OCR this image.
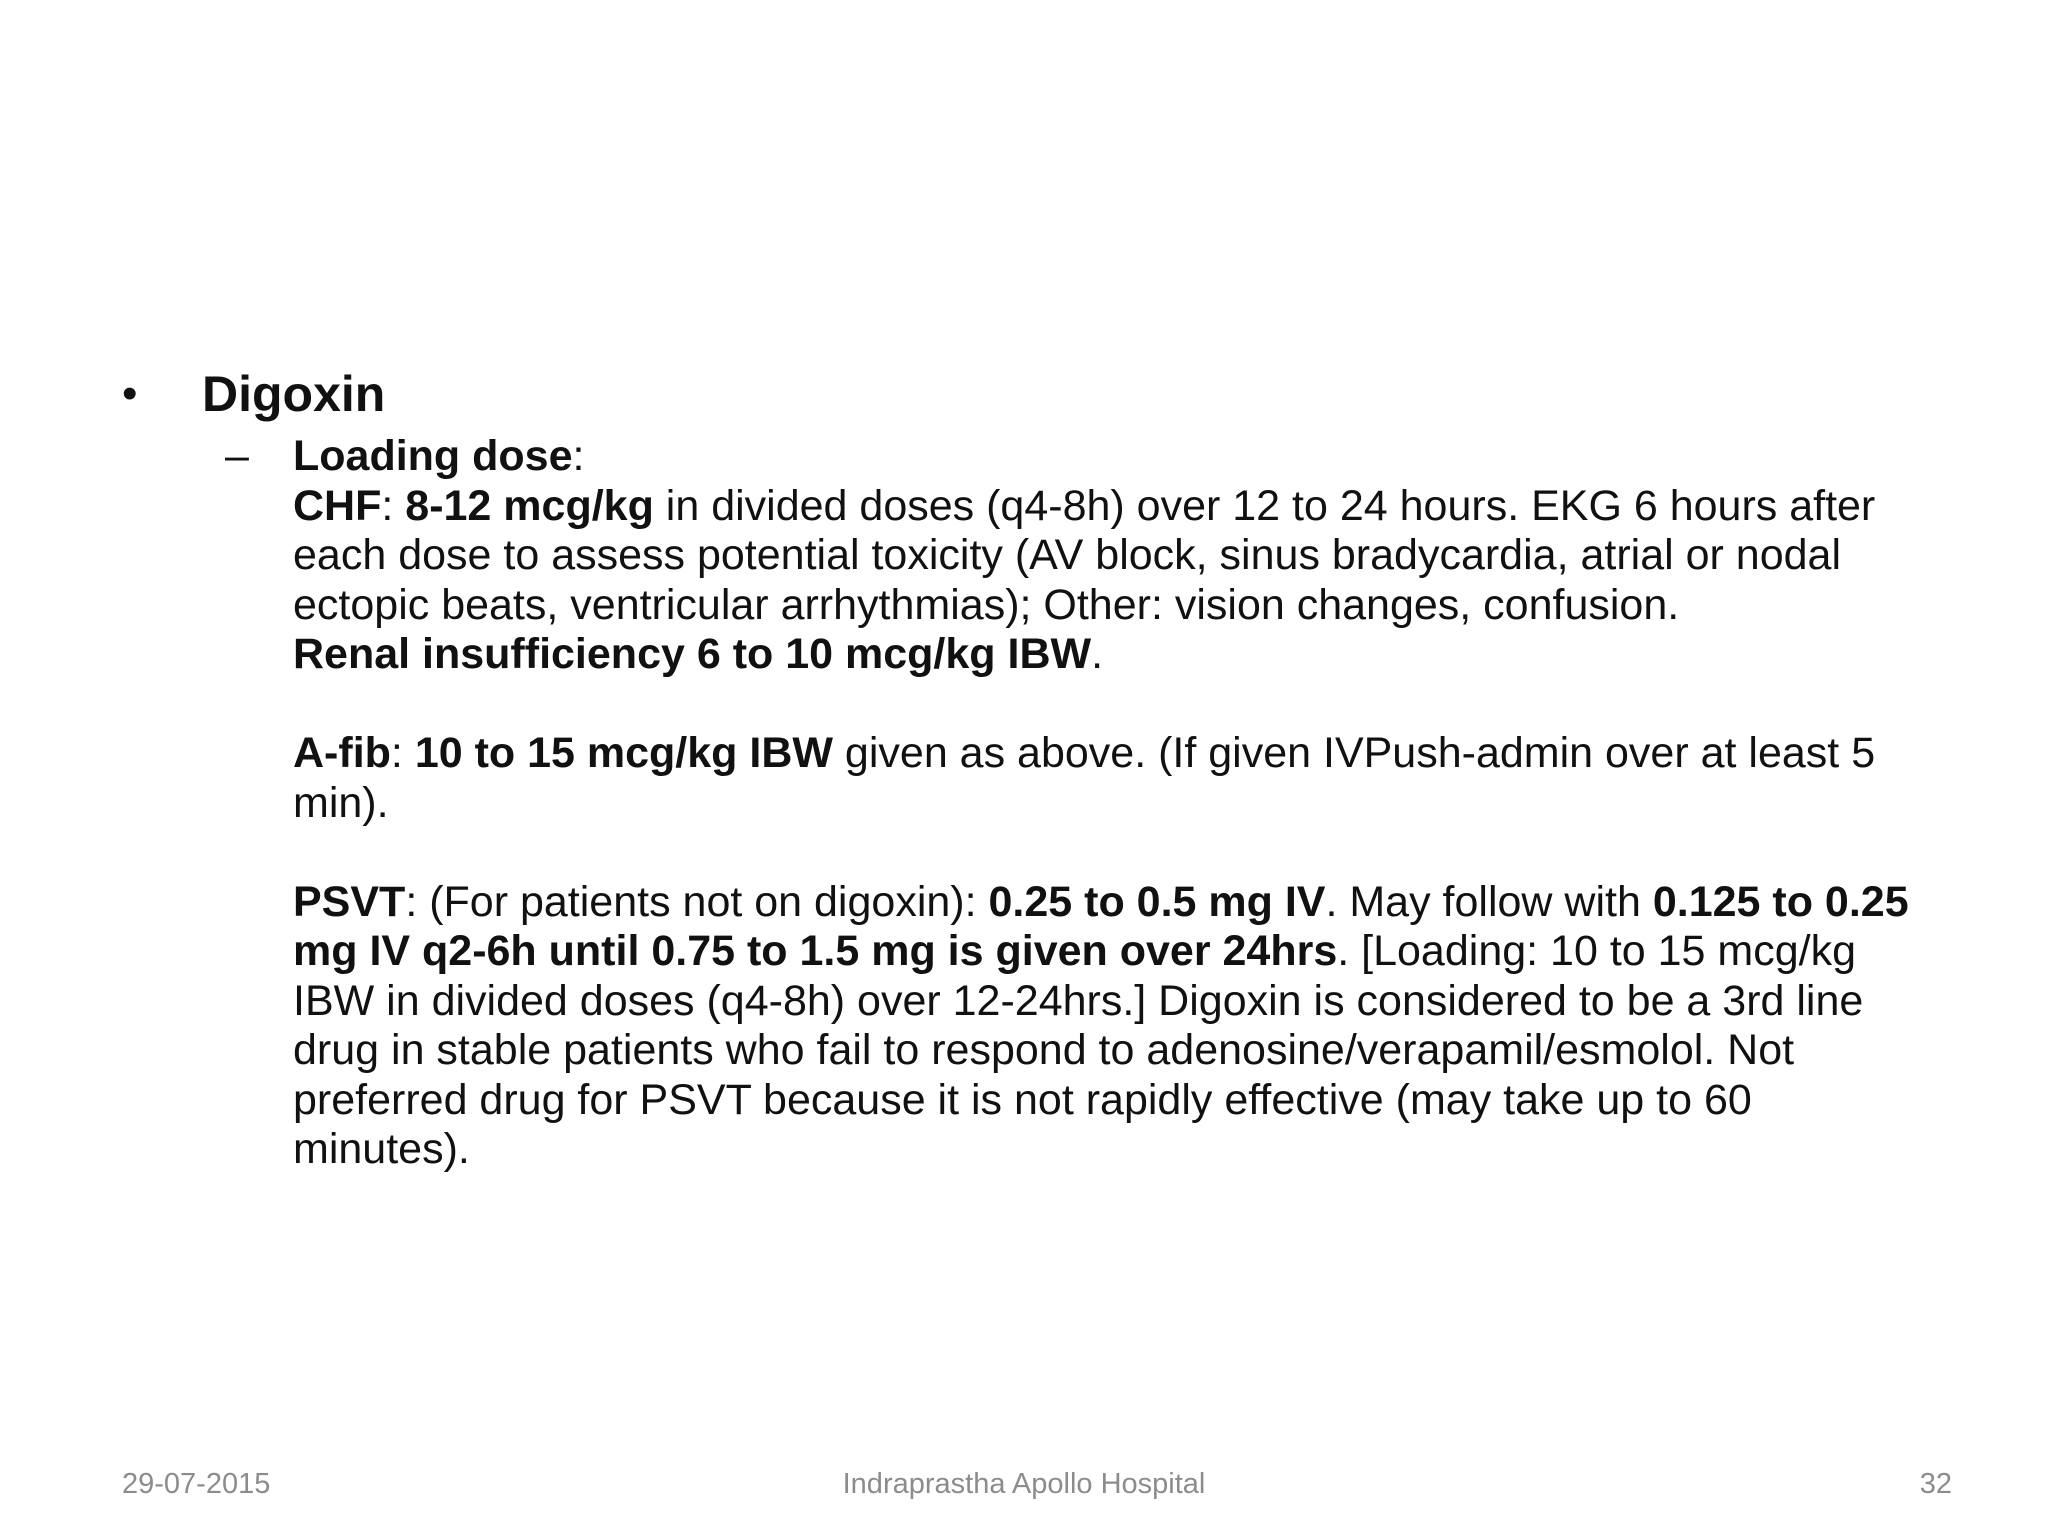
•	Digoxin
–	Loading dose:

CHF: 8-12 mcg/kg in divided doses (q4-8h) over 12 to 24 hours. EKG 6 hours after each dose to assess potential toxicity (AV block, sinus bradycardia, atrial or nodal ectopic beats, ventricular arrhythmias); Other: vision changes, confusion.

Renal insufficiency 6 to 10 mcg/kg IBW.

A-fib: 10 to 15 mcg/kg IBW given as above. (If given IVPush-admin over at least 5 min).

PSVT: (For patients not on digoxin): 0.25 to 0.5 mg IV. May follow with 0.125 to 0.25 mg IV q2-6h until 0.75 to 1.5 mg is given over 24hrs. [Loading: 10 to 15 mcg/kg IBW in divided doses (q4-8h) over 12-24hrs.] Digoxin is considered to be a 3rd line drug in stable patients who fail to respond to adenosine/verapamil/esmolol. Not preferred drug for PSVT because it is not rapidly effective (may take up to 60 minutes).

29-07-2015	Indraprastha Apollo Hospital	32
